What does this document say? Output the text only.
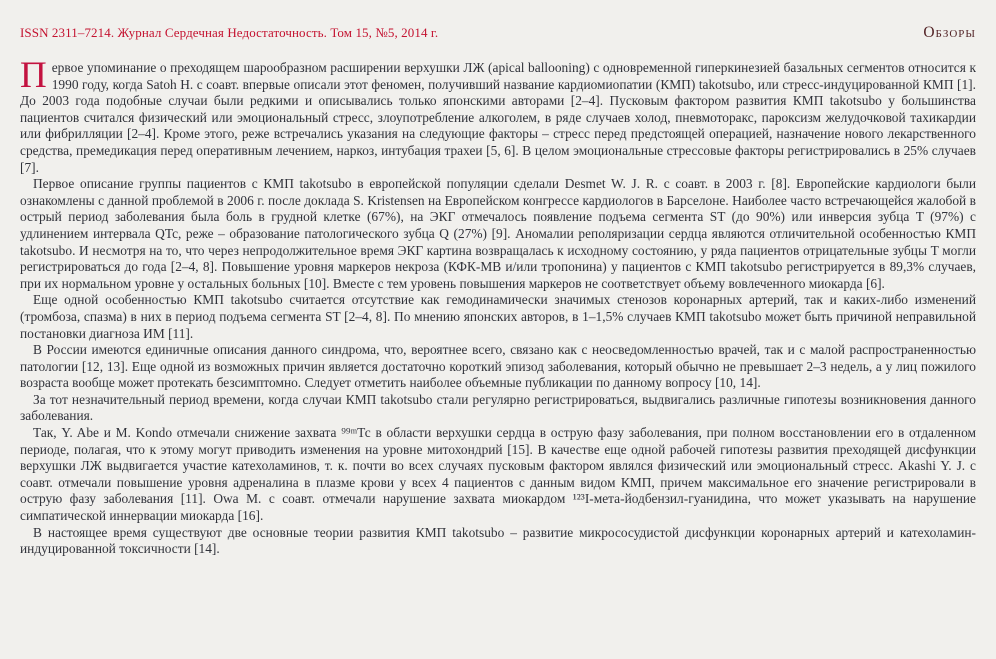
ISSN 2311–7214. Журнал Сердечная Недостаточность. Том 15, №5, 2014 г.	Обзоры

Первое упоминание о преходящем шарообразном расширении верхушки ЛЖ (apical ballooning) с одновременной гиперкинезией базальных сегментов относится к 1990 году, когда Satoh H. с соавт. впервые описали этот феномен, получивший название кардиомиопатии (КМП) takotsubo, или стресс-индуцированной КМП [1]. До 2003 года подобные случаи были редкими и описывались только японскими авторами [2–4]. Пусковым фактором развития КМП takotsubo у большинства пациентов считался физический или эмоциональный стресс, злоупотребление алкоголем, в ряде случаев холод, пневмоторакс, пароксизм желудочковой тахикардии или фибрилляции [2–4]. Кроме этого, реже встречались указания на следующие факторы – стресс перед предстоящей операцией, назначение нового лекарственного средства, премедикация перед оперативным лечением, наркоз, интубация трахеи [5, 6]. В целом эмоциональные стрессовые факторы регистрировались в 25% случаев [7].

Первое описание группы пациентов с КМП takotsubo в европейской популяции сделали Desmet W. J. R. с соавт. в 2003 г. [8]. Европейские кардиологи были ознакомлены с данной проблемой в 2006 г. после доклада S. Kristensen на Европейском конгрессе кардиологов в Барселоне. Наиболее часто встречающейся жалобой в острый период заболевания была боль в грудной клетке (67%), на ЭКГ отмечалось появление подъема сегмента ST (до 90%) или инверсия зубца T (97%) с удлинением интервала QTc, реже – образование патологического зубца Q (27%) [9]. Аномалии реполяризации сердца являются отличительной особенностью КМП takotsubo. И несмотря на то, что через непродолжительное время ЭКГ картина возвращалась к исходному состоянию, у ряда пациентов отрицательные зубцы T могли регистрироваться до года [2–4, 8]. Повышение уровня маркеров некроза (КФК-МВ и/или тропонина) у пациентов с КМП takotsubo регистрируется в 89,3% случаев, при их нормальном уровне у остальных больных [10]. Вместе с тем уровень повышения маркеров не соответствует объему вовлеченного миокарда [6].

Еще одной особенностью КМП takotsubo считается отсутствие как гемодинамически значимых стенозов коронарных артерий, так и каких-либо изменений (тромбоза, спазма) в них в период подъема сегмента ST [2–4, 8]. По мнению японских авторов, в 1–1,5% случаев КМП takotsubo может быть причиной неправильной постановки диагноза ИМ [11].

В России имеются единичные описания данного синдрома, что, вероятнее всего, связано как с неосведомленностью врачей, так и с малой распространенностью патологии [12, 13]. Еще одной из возможных причин является достаточно короткий эпизод заболевания, который обычно не превышает 2–3 недель, а у лиц пожилого возраста вообще может протекать безсимптомно. Следует отметить наиболее объемные публикации по данному вопросу [10, 14].

За тот незначительный период времени, когда случаи КМП takotsubo стали регулярно регистрироваться, выдвигались различные гипотезы возникновения данного заболевания.

Так, Y. Abe и M. Kondo отмечали снижение захвата ⁹⁹ᵐТс в области верхушки сердца в острую фазу заболевания, при полном восстановлении его в отдаленном периоде, полагая, что к этому могут приводить изменения на уровне митохондрий [15]. В качестве еще одной рабочей гипотезы развития преходящей дисфункции верхушки ЛЖ выдвигается участие катехоламинов, т. к. почти во всех случаях пусковым фактором являлся физический или эмоциональный стресс. Akashi Y. J. с соавт. отмечали повышение уровня адреналина в плазме крови у всех 4 пациентов с данным видом КМП, причем максимальное его значение регистрировали в острую фазу заболевания [11]. Owa M. с соавт. отмечали нарушение захвата миокардом ¹²³I-мета-йодбензил-гуанидина, что может указывать на нарушение симпатической иннервации миокарда [16].

В настоящее время существуют две основные теории развития КМП takotsubo – развитие микрососудистой дисфункции коронарных артерий и катехоламин-индуцированной токсичности [14].
